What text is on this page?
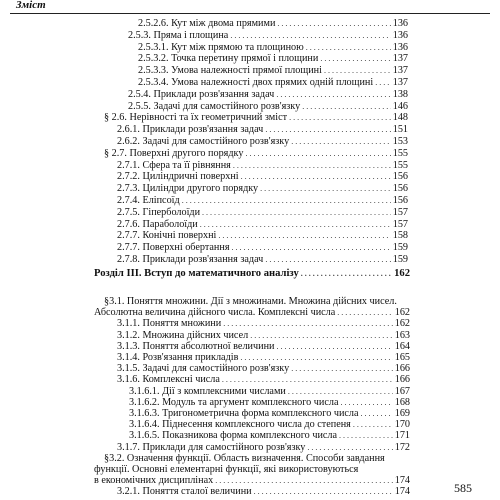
Зміст
2.5.2.6. Кут між двома прямими . . .	136
2.5.3. Пряма і площина . . .	136
2.5.3.1. Кут між прямою та площиною . . .	136
2.5.3.2. Точка перетину прямої і площини . . .	137
2.5.3.3. Умова належності прямої площині . . .	137
2.5.3.4. Умова належності двох прямих одній площині . . . 137
2.5.4. Приклади розв'язання задач . . .	138
2.5.5. Задачі для самостійного розв'язку . . .	146
§ 2.6. Нерівності та їх геометричний зміст . . .	148
2.6.1. Приклади розв'язання задач . . .	151
2.6.2. Задачі для самостійного розв'язку . . .	153
§ 2.7. Поверхні другого порядку . . .	155
2.7.1. Сфера та її рівняння . . .	155
2.7.2. Циліндричні поверхні . . .	156
2.7.3. Циліндри другого порядку . . .	156
2.7.4. Еліпсоїд . . .	156
2.7.5. Гіперболоїди . . .	157
2.7.6. Параболоїди . . .	157
2.7.7. Конічні поверхні . . .	158
2.7.7. Поверхні обертання . . .	159
2.7.8. Приклади розв'язання задач . . .	159
Розділ III. Вступ до математичного аналізу . . .	162
§3.1. Поняття множини. Дії з множинами. Множина дійсних чисел.
Абсолютна величина дійсного числа. Комплексні числа . . .	162
3.1.1. Поняття множини . . .	162
3.1.2. Множина дійсних чисел . . .	163
3.1.3. Поняття абсолютної величини . . .	164
3.1.4. Розв'язання прикладів . . .	165
3.1.5. Задачі для самостійного розв'язку . . .	166
3.1.6. Комплексні числа . . .	166
3.1.6.1. Дії з комплексними числами . . .	167
3.1.6.2. Модуль та аргумент комплексного числа . . .	168
3.1.6.3. Тригонометрична форма комплексного числа . . .	169
3.1.6.4. Піднесення комплексного числа до степеня . . .	170
3.1.6.5. Показникова форма комплексного числа . . .	171
3.1.7. Приклади для самостійного розв'язку . . .	172
§3.2. Означення функції. Область визначення. Способи завдання
функції. Основні елементарні функції, які використовуються
в економічних дисциплінах . . .	174
3.2.1. Поняття сталої величини . . .	174	585
